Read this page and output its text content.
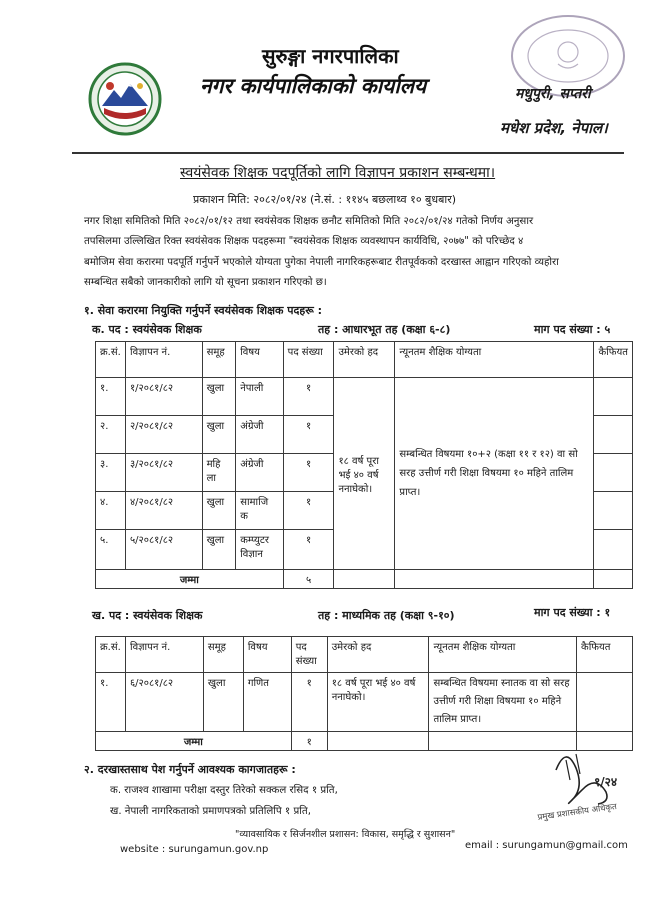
सुरुङ्गा नगरपालिका
नगर कार्यपालिकाको कार्यालय	मधुपुरी, सप्तरी
मधेश प्रदेश, नेपाल।
स्वयंसेवक शिक्षक पदपूर्तिको लागि विज्ञापन प्रकाशन सम्बन्धमा।
प्रकाशन मिति: २०८२/०१/२४ (ने.सं. : ११४५ बछलाथ्व १० बुधबार)
नगर शिक्षा समितिको मिति २०८२/०१/१२ तथा स्वयंसेवक शिक्षक छनौट समितिको मिति २०८२/०१/२४ गतेको निर्णय अनुसार
तपसिलमा उल्लिखित रिक्त स्वयंसेवक शिक्षक पदहरूमा "स्वयंसेवक शिक्षक व्यवस्थापन कार्यविधि, २०७७" को परिच्छेद ४
बमोजिम सेवा करारमा पदपूर्ति गर्नुपर्ने भएकोले योग्यता पुगेका नेपाली नागरिकहरूबाट रीतपूर्वकको दरखास्त आह्वान गरिएको व्यहोरा
सम्बन्धित सबैको जानकारीको लागि यो सूचना प्रकाशन गरिएको छ।
१. सेवा करारमा नियुक्ति गर्नुपर्ने स्वयंसेवक शिक्षक पदहरू :
क. पद : स्वयंसेवक शिक्षक	तह : आधारभूत तह (कक्षा ६-८)	माग पद संख्या : ५
क्र.सं.	विज्ञापन नं.	समूह	विषय	पद संख्या	उमेरको हद	न्यूनतम शैक्षिक योग्यता	कैफियत
१.	१/२०८१/८२	खुला	नेपाली	१	१८ वर्ष पूरा भई ४० वर्ष ननाघेको।	सम्बन्धित विषयमा १०+२ (कक्षा ११ र १२) वा सो सरह उत्तीर्ण गरी शिक्षा विषयमा १० महिने तालिम प्राप्त।	
२.	२/२०८१/८२	खुला	अंग्रेजी	१			
३.	३/२०८१/८२	महि ला	अंग्रेजी	१			
४.	४/२०८१/८२	खुला	सामाजि क	१			
५.	५/२०८१/८२	खुला	कम्प्युटर विज्ञान	१			
जम्मा				५			
ख. पद : स्वयंसेवक शिक्षक	तह : माध्यमिक तह (कक्षा ९-१०)	माग पद संख्या : १
क्र.सं.	विज्ञापन नं.	समूह	विषय	पद संख्या	उमेरको हद	न्यूनतम शैक्षिक योग्यता	कैफियत
१.	६/२०८१/८२	खुला	गणित	१	१८ वर्ष पूरा भई ४० वर्ष ननाघेको।	सम्बन्धित विषयमा स्नातक वा सो सरह उत्तीर्ण गरी शिक्षा विषयमा १० महिने तालिम प्राप्त।	
जम्मा				१			
२. दरखास्तसाथ पेश गर्नुपर्ने आवश्यक कागजातहरू :
क. राजश्व शाखामा परीक्षा दस्तुर तिरेको सक्कल रसिद १ प्रति,
ख. नेपाली नागरिकताको प्रमाणपत्रको प्रतिलिपि १ प्रति,
१/२४
प्रमुख प्रशासकीय अधिकृत
"व्यावसायिक र सिर्जनशील प्रशासन: विकास, समृद्धि र सुशासन"
website : surungamun.gov.np	email : surungamun@gmail.com
